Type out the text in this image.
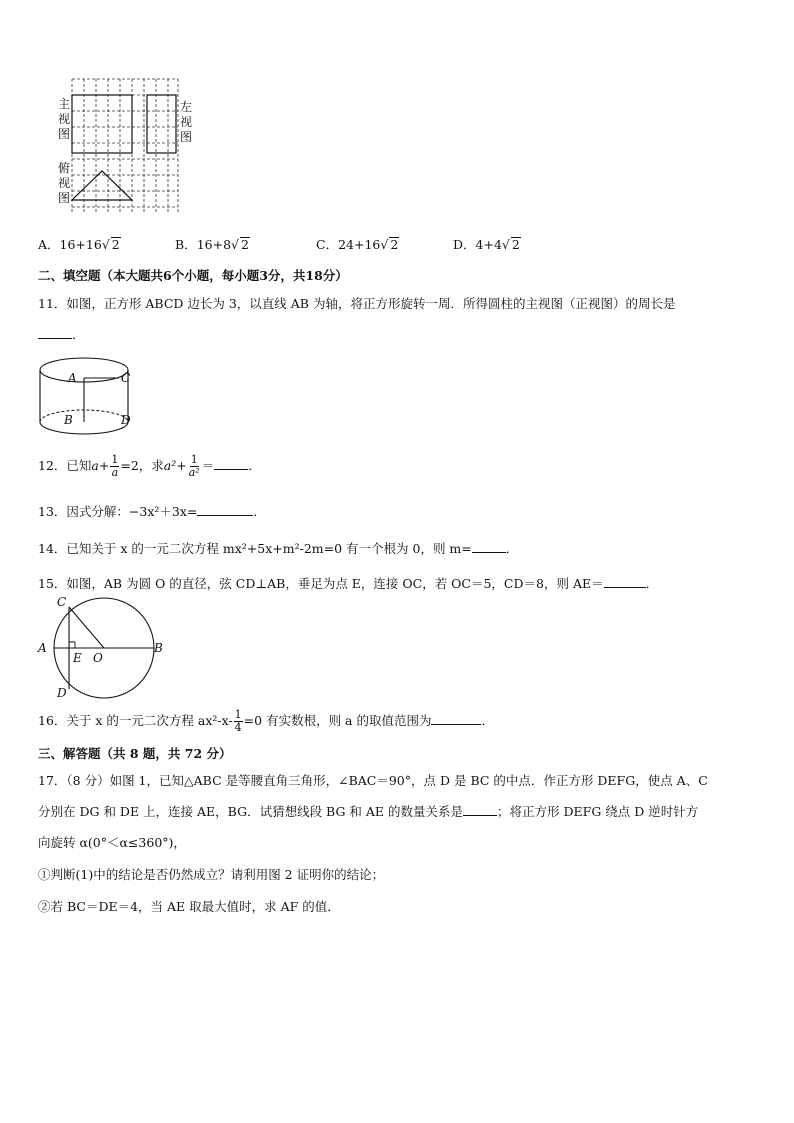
主
视
图
左
视
图
俯
视
图
A．16+16√ 2	B．16+8√ 2	C．24+16√ 2	D．4+4√ 2
二、填空题（本大题共6个小题，每小题3分，共18分）
11．如图，正方形 ABCD 边长为 3，以直线 AB 为轴，将正方形旋转一周．所得圆柱的主视图（正视图）的周长是
．
A	C
B	D
12．已知$a+ \frac{1}{a} =2$，求$a^2+ \frac{1}{\text{a²}}$ ＝	．
13．因式分解：−3x²＋3x=	．
14．已知关于 x 的一元二次方程 mx²+5x+m²-2m=0 有一个根为 0，则 m=	．
15．如图，AB 为圆 O 的直径，弦 CD⊥AB，垂足为点 E，连接 OC，若 OC＝5，CD＝8，则 AE＝	．
C
A	B
E O
D
16．关于 x 的一元二次方程 $ax^2-x- \frac{1}{4} =0$ 有实数根，则 a 的取值范围为	．
三、解答题（共 8 题，共 72 分）
17．（8 分）如图 1，已知△ABC 是等腰直角三角形，∠BAC＝90°，点 D 是 BC 的中点．作正方形 DEFG，使点 A、C
分别在 DG 和 DE 上，连接 AE，BG．试猜想线段 BG 和 AE 的数量关系是	；将正方形 DEFG 绕点 D 逆时针方
向旋转 α(0°＜α≤360°)，
①判断(1)中的结论是否仍然成立？请利用图 2 证明你的结论；
②若 BC＝DE＝4，当 AE 取最大值时，求 AF 的值．
